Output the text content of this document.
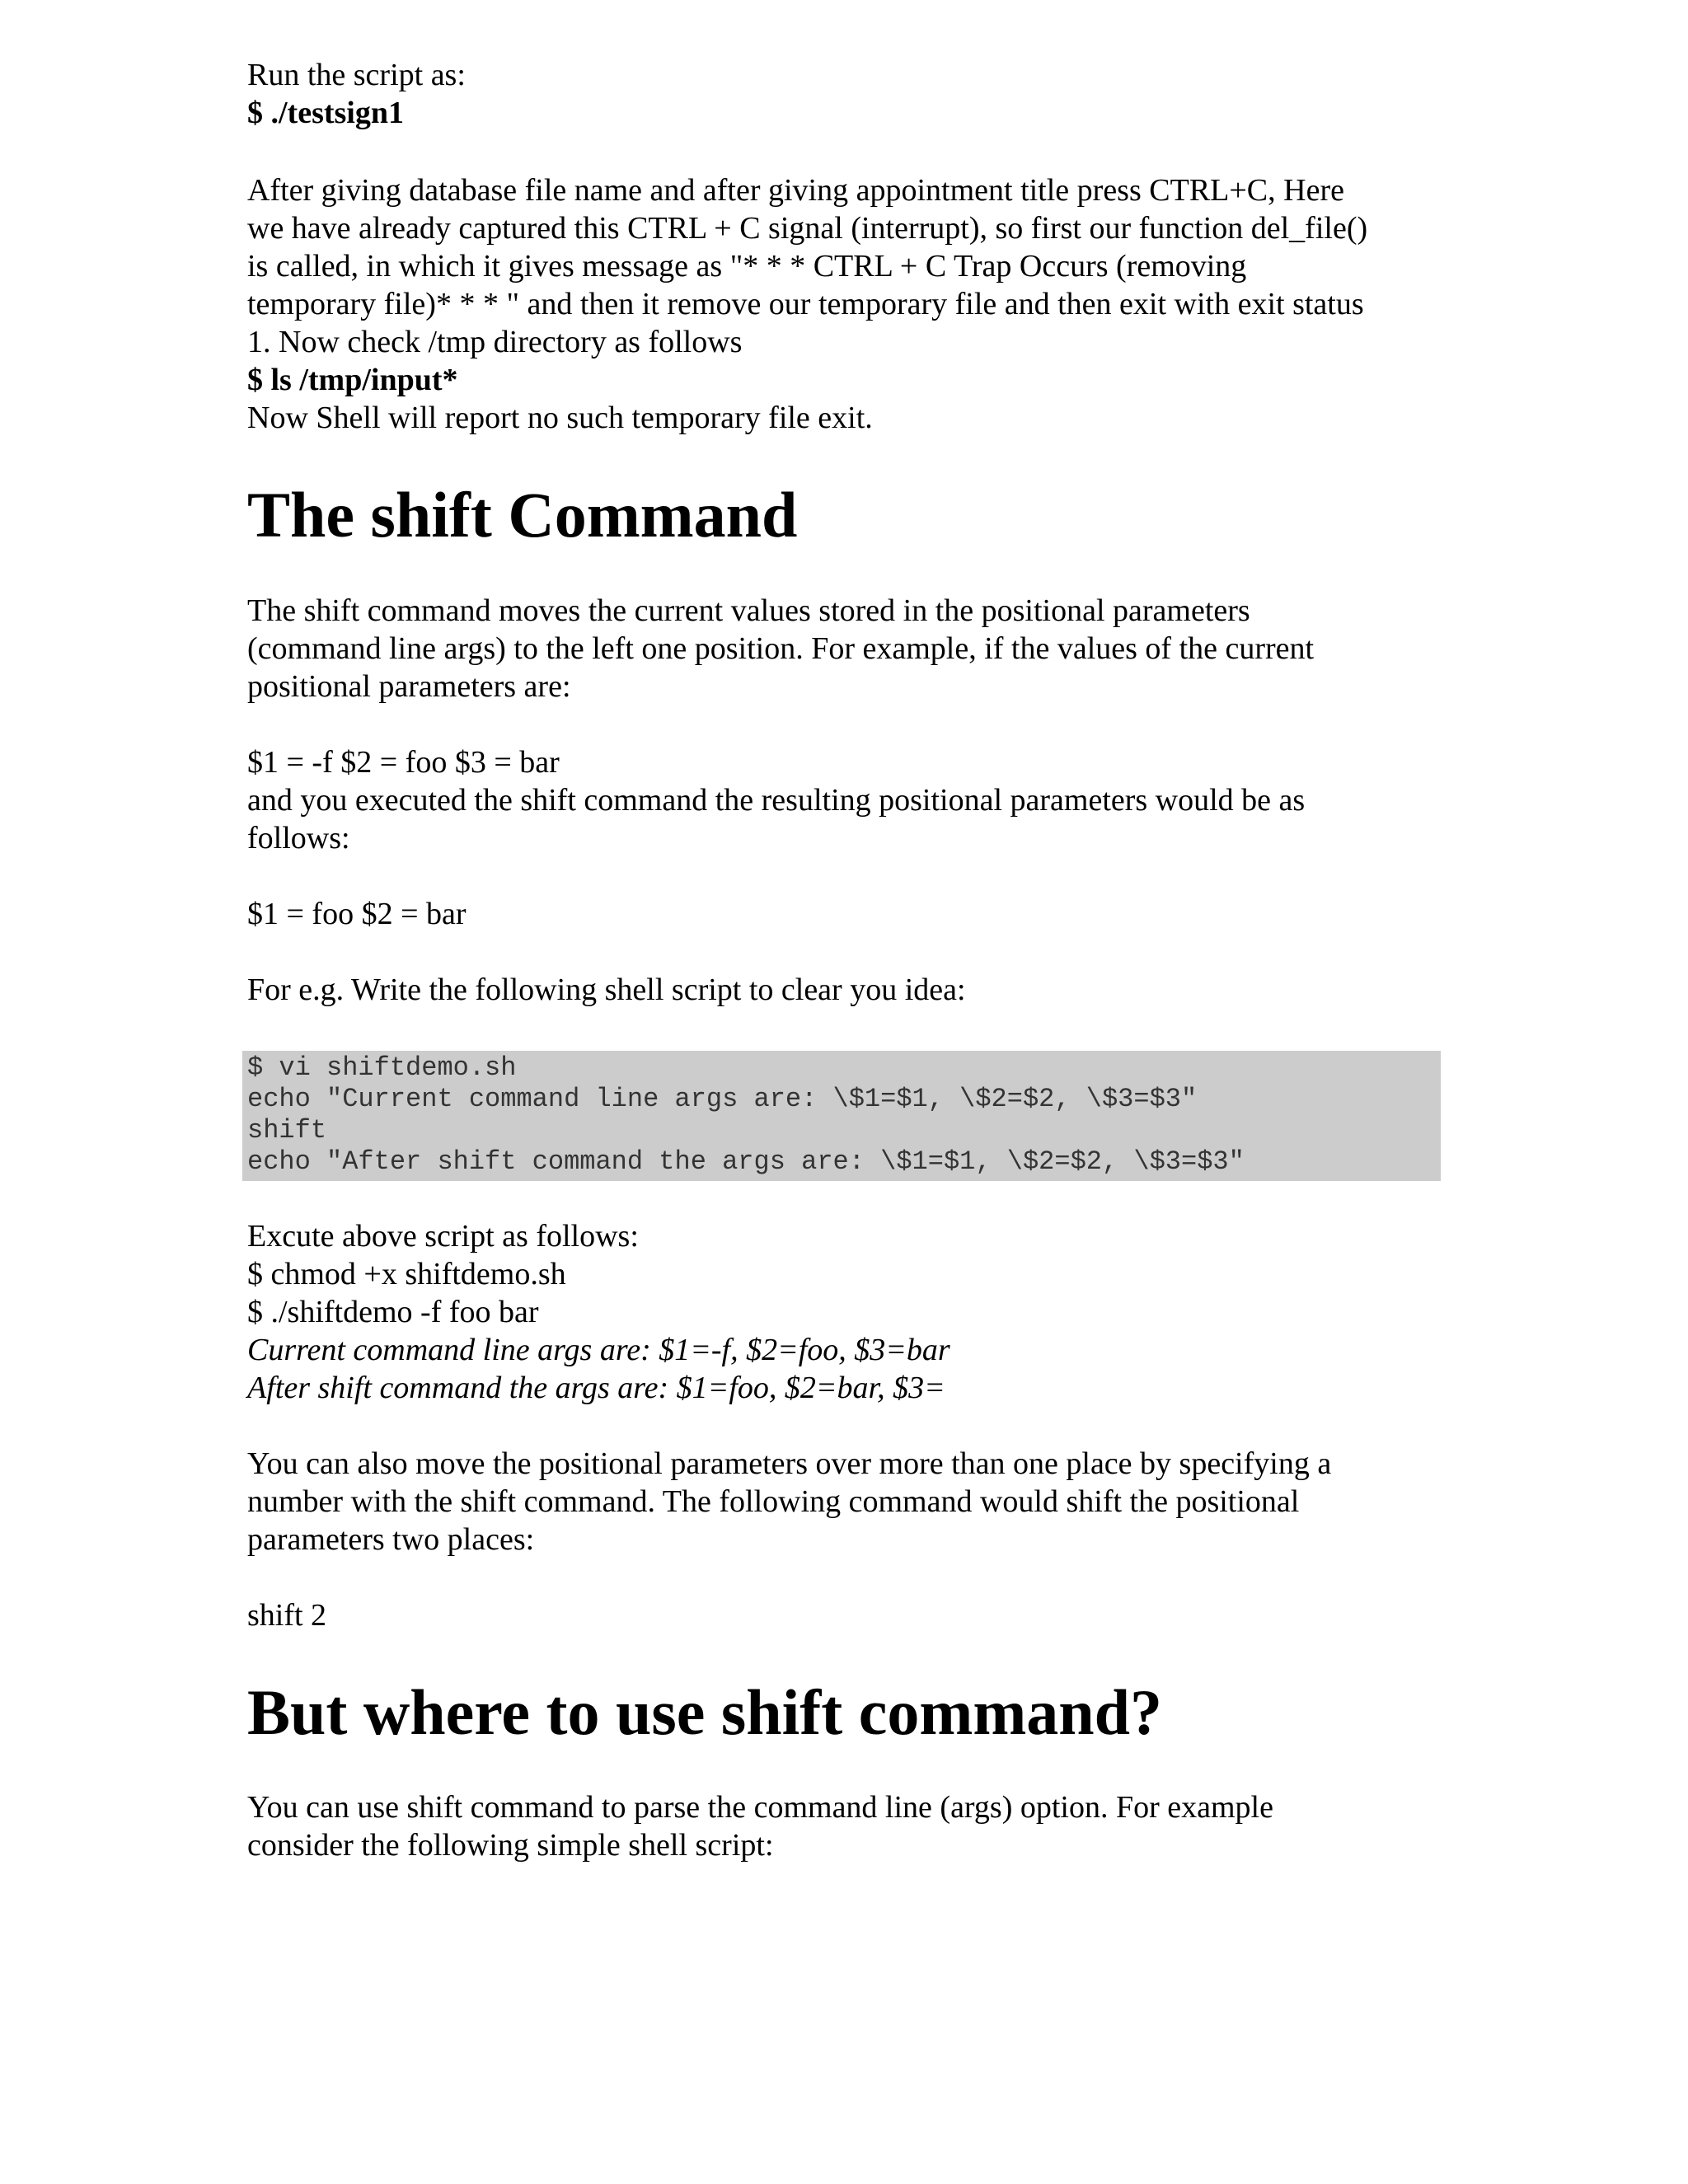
Run the script as:

$ ./testsign1

After giving database file name and after giving appointment title press CTRL+C, Here

we have already captured this CTRL + C signal (interrupt), so first our function del_file()

is called, in which it gives message as "* * * CTRL + C Trap Occurs (removing

temporary file)* * * " and then it remove our temporary file and then exit with exit status

1. Now check /tmp directory as follows

$ ls /tmp/input*

Now Shell will report no such temporary file exit.

The shift Command

The shift command moves the current values stored in the positional parameters

(command line args) to the left one position. For example, if the values of the current

positional parameters are:

$1 = -f $2 = foo $3 = bar

and you executed the shift command the resulting positional parameters would be as

follows:

$1 = foo $2 = bar

For e.g. Write the following shell script to clear you idea:

$ vi shiftdemo.sh

echo "Current command line args are: \$1=$1, \$2=$2, \$3=$3"

shift

echo "After shift command the args are: \$1=$1, \$2=$2, \$3=$3"

Excute above script as follows:

$ chmod +x shiftdemo.sh

$ ./shiftdemo -f foo bar

Current command line args are: $1=-f, $2=foo, $3=bar

After shift command the args are: $1=foo, $2=bar, $3=

You can also move the positional parameters over more than one place by specifying a

number with the shift command. The following command would shift the positional

parameters two places:

shift 2

But where to use shift command?

You can use shift command to parse the command line (args) option. For example

consider the following simple shell script:
